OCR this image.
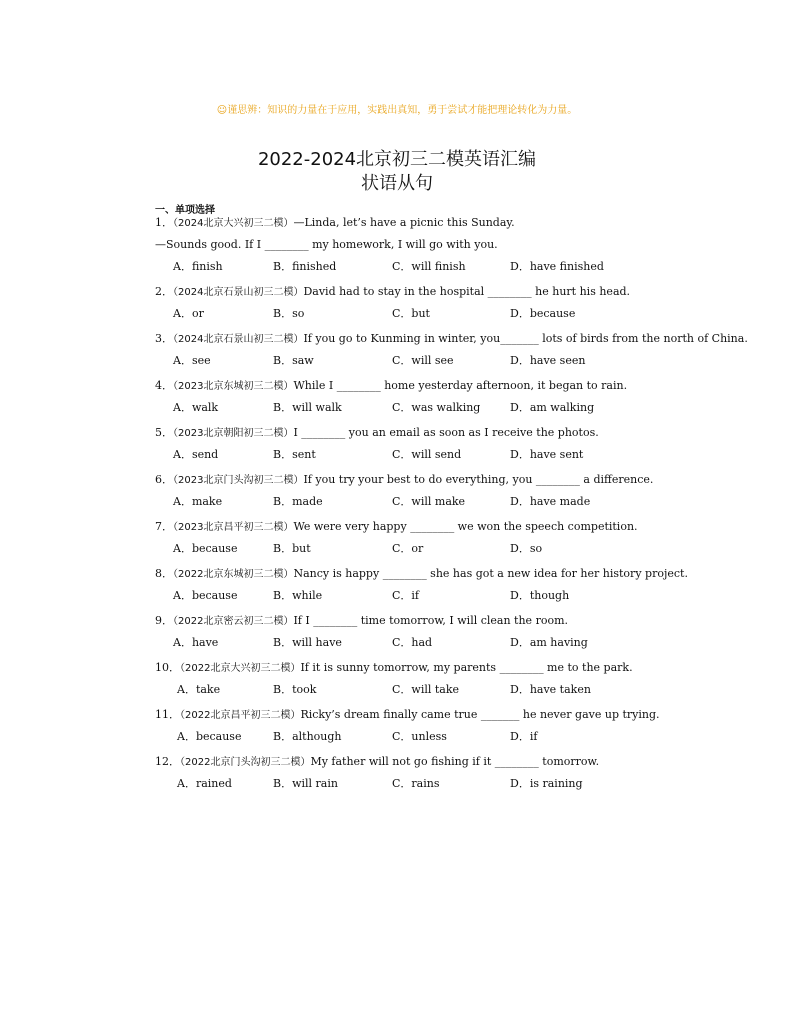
☺谨思辨：知识的力量在于应用，实践出真知，勇于尝试才能把理论转化为力量。
2022-2024北京初三二模英语汇编
状语从句
一、单项选择
1．（2024北京大兴初三二模）—Linda, let’s have a picnic this Sunday.
—Sounds good. If I ________ my homework, I will go with you.
A．finish	B．finished	C．will finish	D．have finished
2．（2024北京石景山初三二模）David had to stay in the hospital ________ he hurt his head.
A．or	B．so	C．but	D．because
3．（2024北京石景山初三二模）If you go to Kunming in winter, you_______ lots of birds from the north of China.
A．see	B．saw	C．will see	D．have seen
4．（2023北京东城初三二模）While I ________ home yesterday afternoon, it began to rain.
A．walk	B．will walk	C．was walking	D．am walking
5．（2023北京朝阳初三二模）I ________ you an email as soon as I receive the photos.
A．send	B．sent	C．will send	D．have sent
6．（2023北京门头沟初三二模）If you try your best to do everything, you ________ a difference.
A．make	B．made	C．will make	D．have made
7．（2023北京昌平初三二模）We were very happy ________ we won the speech competition.
A．because	B．but	C．or	D．so
8．（2022北京东城初三二模）Nancy is happy ________ she has got a new idea for her history project.
A．because	B．while	C．if	D．though
9．（2022北京密云初三二模）If I ________ time tomorrow, I will clean the room.
A．have	B．will have	C．had	D．am having
10．（2022北京大兴初三二模）If it is sunny tomorrow, my parents ________ me to the park.
A．take	B．took	C．will take	D．have taken
11．（2022北京昌平初三二模）Ricky’s dream finally came true _______ he never gave up trying.
A．because	B．although	C．unless	D．if
12．（2022北京门头沟初三二模）My father will not go fishing if it ________ tomorrow.
A．rained	B．will rain	C．rains	D．is raining
